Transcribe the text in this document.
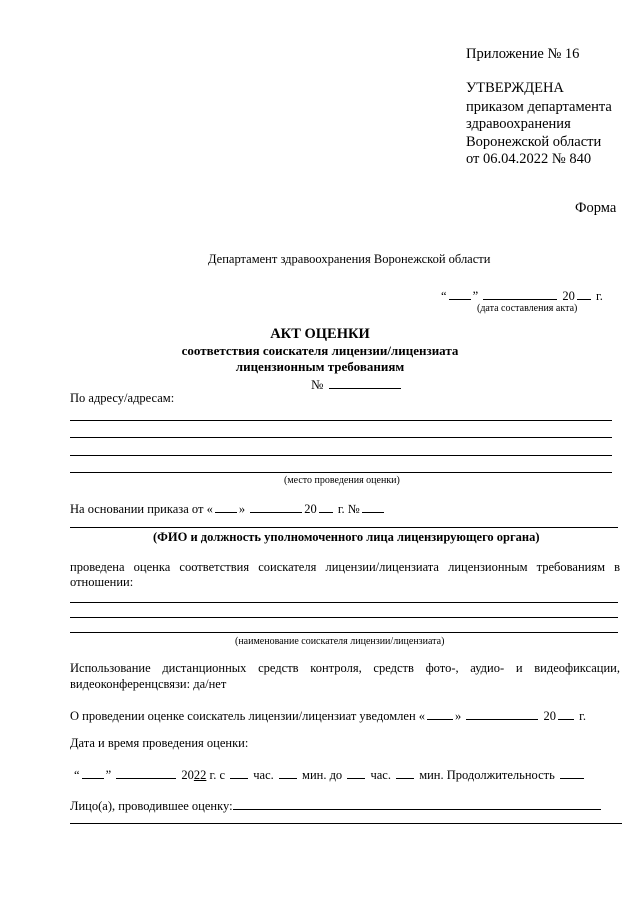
Приложение № 16
УТВЕРЖДЕНА
приказом департамента
здравоохранения
Воронежской области
от 06.04.2022 № 840
Форма
Департамент здравоохранения Воронежской области
“ ”	20 г.
(дата составления акта)
АКТ ОЦЕНКИ
соответствия соискателя лицензии/лицензиата
лицензионным требованиям
№
По адресу/адресам:
(место проведения оценки)
На основании приказа от « »	20 г. №
(ФИО и должность уполномоченного лица лицензирующего органа)
проведена оценка соответствия соискателя лицензии/лицензиата лицензионным требованиям в
отношении:
(наименование соискателя лицензии/лицензиата)
Использование дистанционных средств контроля, средств фото-, аудио- и видеофиксации,
видеоконференцсвязи: да/нет
О проведении оценке соискатель лицензии/лицензиат уведомлен « »	20 г.
Дата и время проведения оценки:
“ ”	2022 г. с час. мин. до час. мин. Продолжительность
Лицо(а), проводившее оценку:
